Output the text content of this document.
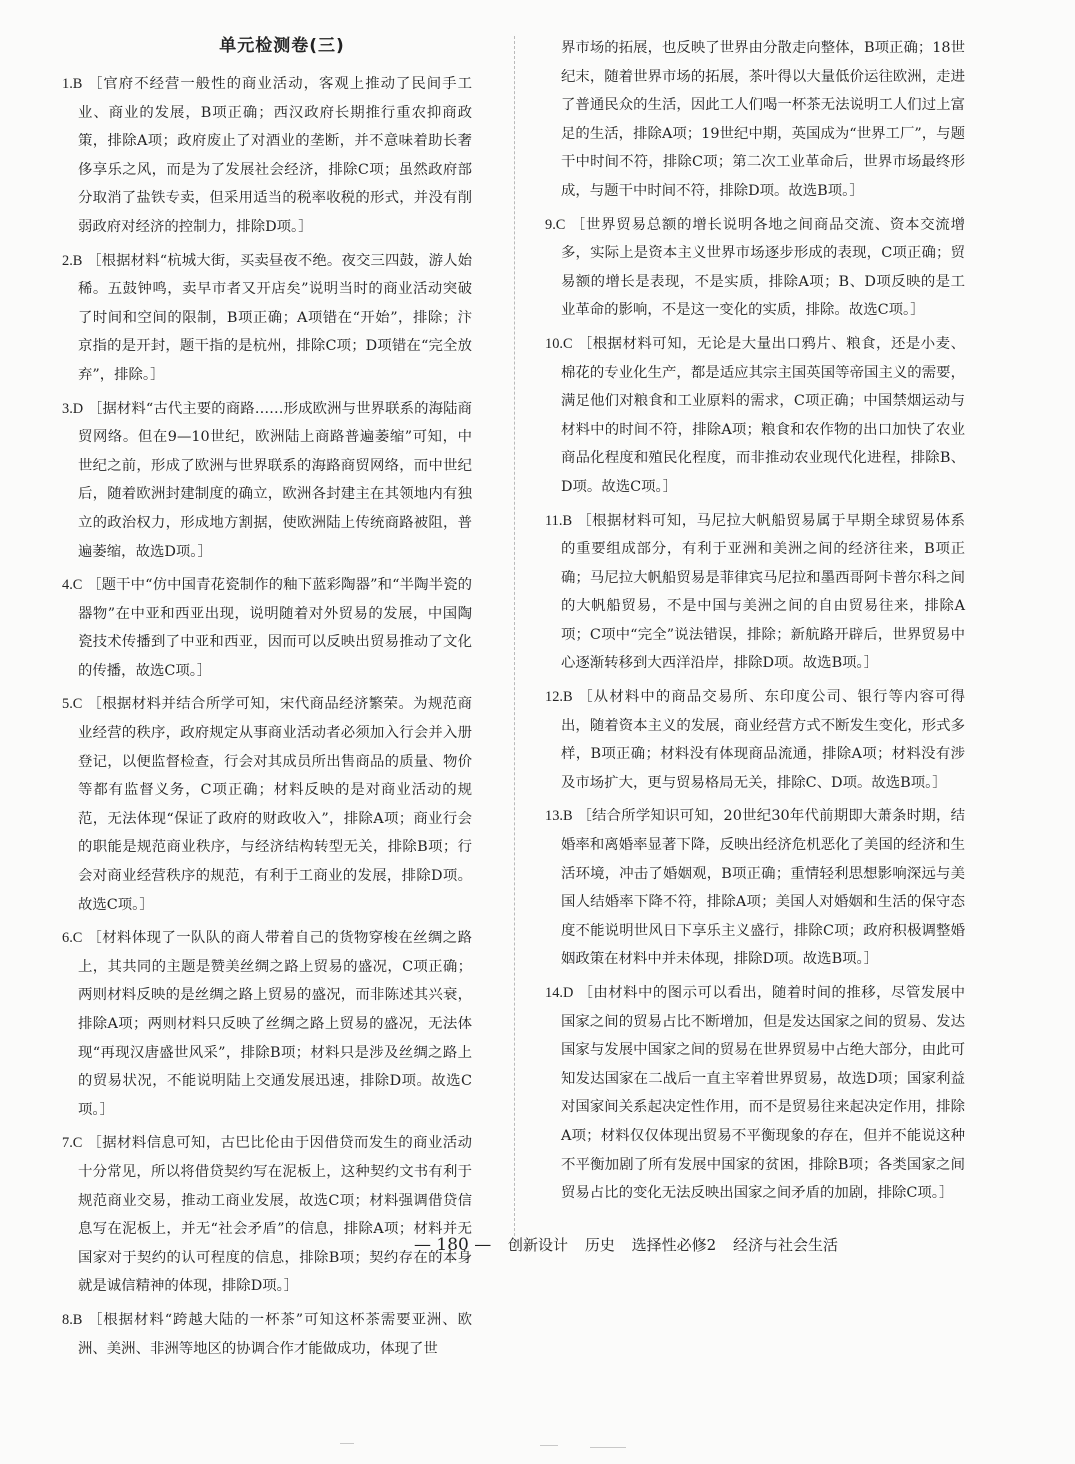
单元检测卷(三)
1.B ［官府不经营一般性的商业活动，客观上推动了民间手工业、商业的发展，B项正确；西汉政府长期推行重农抑商政策，排除A项；政府废止了对酒业的垄断，并不意味着助长奢侈享乐之风，而是为了发展社会经济，排除C项；虽然政府部分取消了盐铁专卖，但采用适当的税率收税的形式，并没有削弱政府对经济的控制力，排除D项。］
2.B ［根据材料“杭城大街，买卖昼夜不绝。夜交三四鼓，游人始稀。五鼓钟鸣，卖早市者又开店矣”说明当时的商业活动突破了时间和空间的限制，B项正确；A项错在“开始”，排除；汴京指的是开封，题干指的是杭州，排除C项；D项错在“完全放弃”，排除。］
3.D ［据材料“古代主要的商路……形成欧洲与世界联系的海陆商贸网络。但在9—10世纪，欧洲陆上商路普遍萎缩”可知，中世纪之前，形成了欧洲与世界联系的海路商贸网络，而中世纪后，随着欧洲封建制度的确立，欧洲各封建主在其领地内有独立的政治权力，形成地方割据，使欧洲陆上传统商路被阻，普遍萎缩，故选D项。］
4.C ［题干中“仿中国青花瓷制作的釉下蓝彩陶器”和“半陶半瓷的器物”在中亚和西亚出现，说明随着对外贸易的发展，中国陶瓷技术传播到了中亚和西亚，因而可以反映出贸易推动了文化的传播，故选C项。］
5.C ［根据材料并结合所学可知，宋代商品经济繁荣。为规范商业经营的秩序，政府规定从事商业活动者必须加入行会并入册登记，以便监督检查，行会对其成员所出售商品的质量、物价等都有监督义务，C项正确；材料反映的是对商业活动的规范，无法体现“保证了政府的财政收入”，排除A项；商业行会的职能是规范商业秩序，与经济结构转型无关，排除B项；行会对商业经营秩序的规范，有利于工商业的发展，排除D项。故选C项。］
6.C ［材料体现了一队队的商人带着自己的货物穿梭在丝绸之路上，其共同的主题是赞美丝绸之路上贸易的盛况，C项正确；两则材料反映的是丝绸之路上贸易的盛况，而非陈述其兴衰，排除A项；两则材料只反映了丝绸之路上贸易的盛况，无法体现“再现汉唐盛世风采”，排除B项；材料只是涉及丝绸之路上的贸易状况，不能说明陆上交通发展迅速，排除D项。故选C项。］
7.C ［据材料信息可知，古巴比伦由于因借贷而发生的商业活动十分常见，所以将借贷契约写在泥板上，这种契约文书有利于规范商业交易，推动工商业发展，故选C项；材料强调借贷信息写在泥板上，并无“社会矛盾”的信息，排除A项；材料并无国家对于契约的认可程度的信息，排除B项；契约存在的本身就是诚信精神的体现，排除D项。］
8.B ［根据材料“跨越大陆的一杯茶”可知这杯茶需要亚洲、欧洲、美洲、非洲等地区的协调合作才能做成功，体现了世
界市场的拓展，也反映了世界由分散走向整体，B项正确；18世纪末，随着世界市场的拓展，茶叶得以大量低价运往欧洲，走进了普通民众的生活，因此工人们喝一杯茶无法说明工人们过上富足的生活，排除A项；19世纪中期，英国成为“世界工厂”，与题干中时间不符，排除C项；第二次工业革命后，世界市场最终形成，与题干中时间不符，排除D项。故选B项。］
9.C ［世界贸易总额的增长说明各地之间商品交流、资本交流增多，实际上是资本主义世界市场逐步形成的表现，C项正确；贸易额的增长是表现，不是实质，排除A项；B、D项反映的是工业革命的影响，不是这一变化的实质，排除。故选C项。］
10.C ［根据材料可知，无论是大量出口鸦片、粮食，还是小麦、棉花的专业化生产，都是适应其宗主国英国等帝国主义的需要，满足他们对粮食和工业原料的需求，C项正确；中国禁烟运动与材料中的时间不符，排除A项；粮食和农作物的出口加快了农业商品化程度和殖民化程度，而非推动农业现代化进程，排除B、D项。故选C项。］
11.B ［根据材料可知，马尼拉大帆船贸易属于早期全球贸易体系的重要组成部分，有利于亚洲和美洲之间的经济往来，B项正确；马尼拉大帆船贸易是菲律宾马尼拉和墨西哥阿卡普尔科之间的大帆船贸易，不是中国与美洲之间的自由贸易往来，排除A项；C项中“完全”说法错误，排除；新航路开辟后，世界贸易中心逐渐转移到大西洋沿岸，排除D项。故选B项。］
12.B ［从材料中的商品交易所、东印度公司、银行等内容可得出，随着资本主义的发展，商业经营方式不断发生变化，形式多样，B项正确；材料没有体现商品流通，排除A项；材料没有涉及市场扩大，更与贸易格局无关，排除C、D项。故选B项。］
13.B ［结合所学知识可知，20世纪30年代前期即大萧条时期，结婚率和离婚率显著下降，反映出经济危机恶化了美国的经济和生活环境，冲击了婚姻观，B项正确；重情轻利思想影响深远与美国人结婚率下降不符，排除A项；美国人对婚姻和生活的保守态度不能说明世风日下享乐主义盛行，排除C项；政府积极调整婚姻政策在材料中并未体现，排除D项。故选B项。］
14.D ［由材料中的图示可以看出，随着时间的推移，尽管发展中国家之间的贸易占比不断增加，但是发达国家之间的贸易、发达国家与发展中国家之间的贸易在世界贸易中占绝大部分，由此可知发达国家在二战后一直主宰着世界贸易，故选D项；国家利益对国家间关系起决定性作用，而不是贸易往来起决定作用，排除A项；材料仅仅体现出贸易不平衡现象的存在，但并不能说这种不平衡加剧了所有发展中国家的贫困，排除B项；各类国家之间贸易占比的变化无法反映出国家之间矛盾的加剧，排除C项。］
— 180 — 创新设计 历史 选择性必修2 经济与社会生活
